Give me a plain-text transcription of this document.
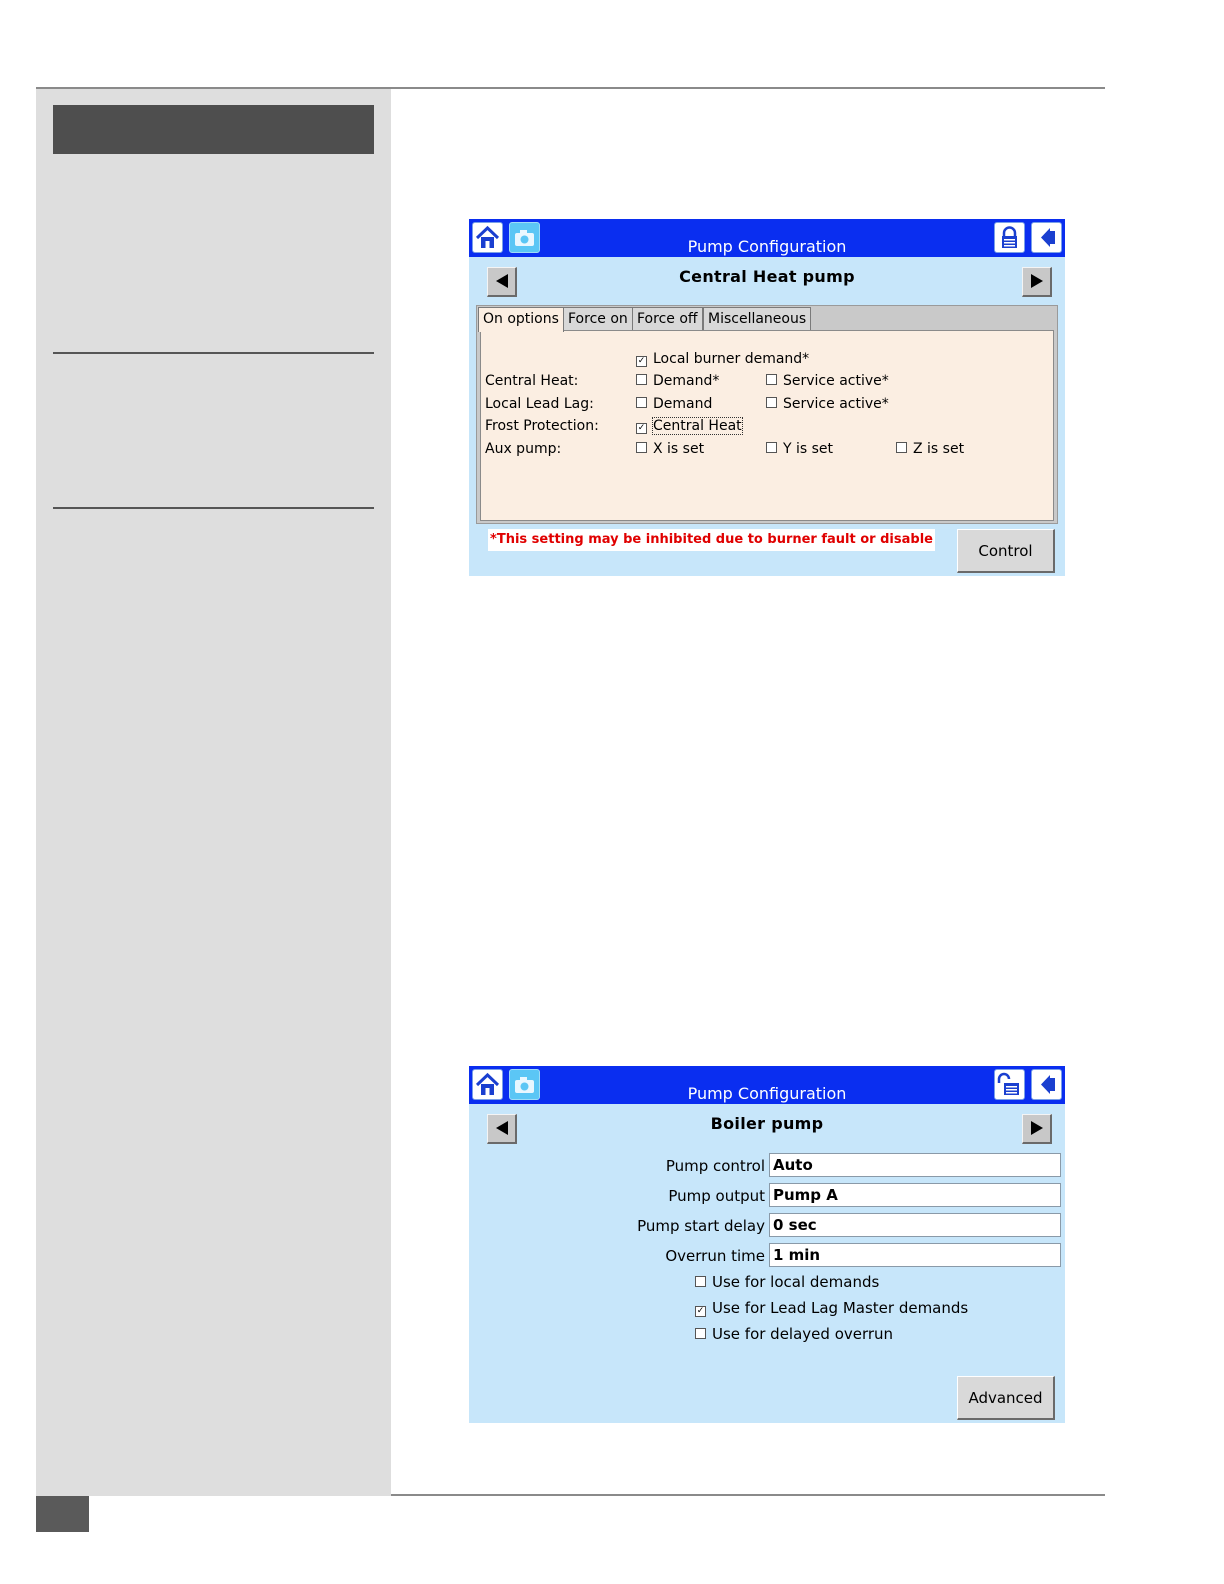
Pump Configuration
Central Heat pump
On options Force on Force off Miscellaneous
✓ Local burner demand*
Central Heat:	Demand*	Service active*
Local Lead Lag:	Demand	Service active*
Frost Protection:	✓ Central Heat
Aux pump:	X is set	Y is set	Z is set
*This setting may be inhibited due to burner fault or disable
Control
Pump Configuration
Boiler pump
Pump control Auto
Pump output Pump A
Pump start delay 0 sec
Overrun time 1 min
Use for local demands
✓ Use for Lead Lag Master demands
Use for delayed overrun
Advanced
